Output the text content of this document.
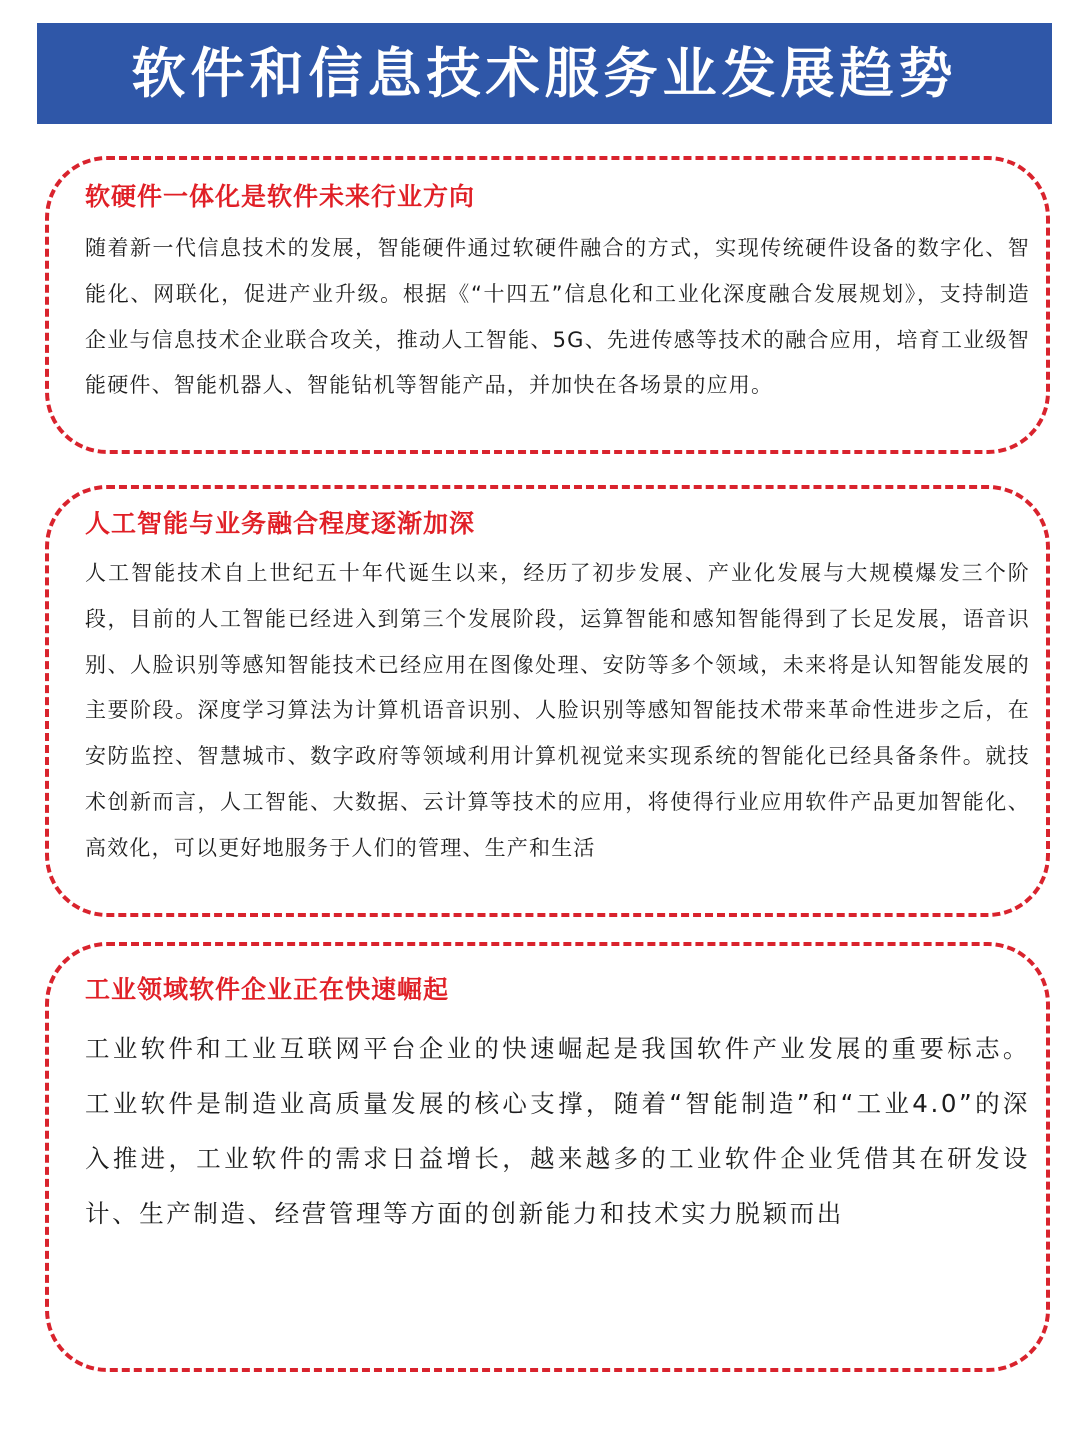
软件和信息技术服务业发展趋势
软硬件一体化是软件未来行业方向

随着新一代信息技术的发展，智能硬件通过软硬件融合的方式，实现传统硬件设备的数字化、智能化、网联化，促进产业升级。根据《“十四五”信息化和工业化深度融合发展规划》，支持制造企业与信息技术企业联合攻关，推动人工智能、5G、先进传感等技术的融合应用，培育工业级智能硬件、智能机器人、智能钻机等智能产品，并加快在各场景的应用。

人工智能与业务融合程度逐渐加深

人工智能技术自上世纪五十年代诞生以来，经历了初步发展、产业化发展与大规模爆发三个阶段，目前的人工智能已经进入到第三个发展阶段，运算智能和感知智能得到了长足发展，语音识别、人脸识别等感知智能技术已经应用在图像处理、安防等多个领域，未来将是认知智能发展的主要阶段。深度学习算法为计算机语音识别、人脸识别等感知智能技术带来革命性进步之后，在安防监控、智慧城市、数字政府等领域利用计算机视觉来实现系统的智能化已经具备条件。就技术创新而言，人工智能、大数据、云计算等技术的应用，将使得行业应用软件产品更加智能化、高效化，可以更好地服务于人们的管理、生产和生活

工业领域软件企业正在快速崛起

工业软件和工业互联网平台企业的快速崛起是我国软件产业发展的重要标志。工业软件是制造业高质量发展的核心支撑，随着“智能制造”和“工业4.0”的深入推进，工业软件的需求日益增长，越来越多的工业软件企业凭借其在研发设计、生产制造、经营管理等方面的创新能力和技术实力脱颖而出
